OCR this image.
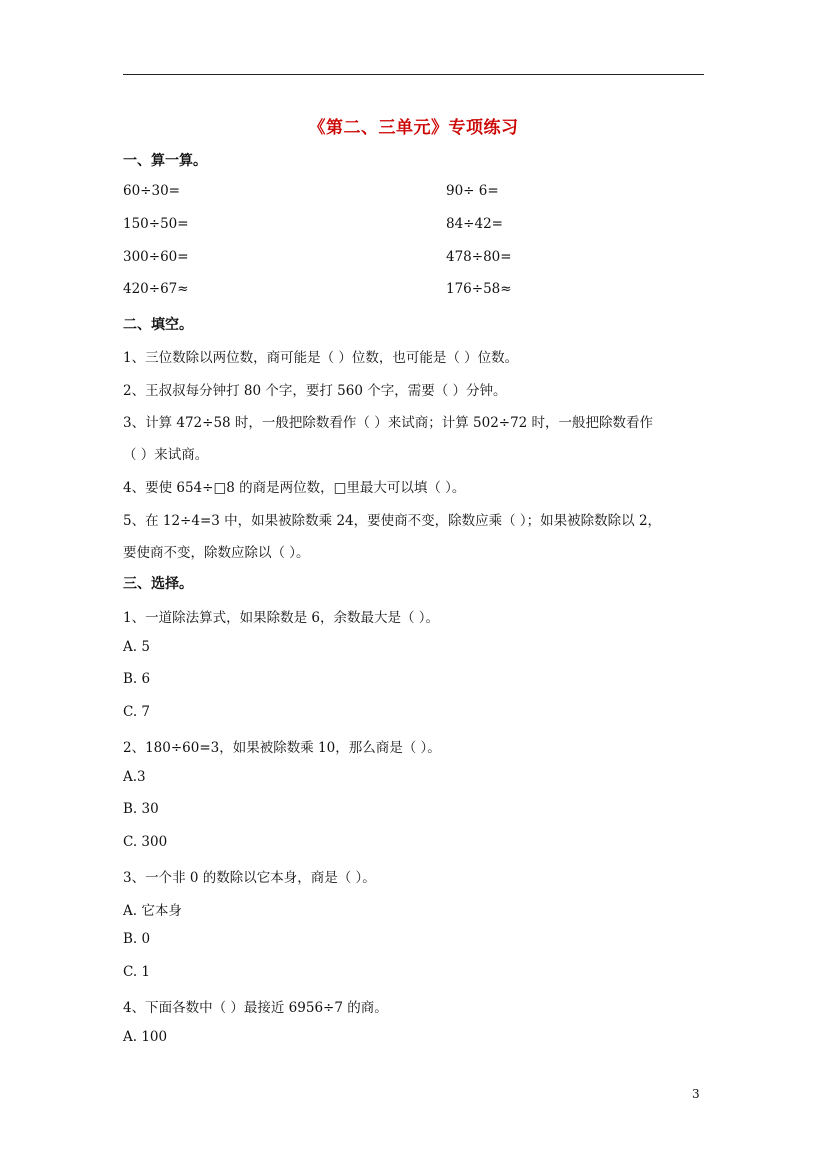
《第二、三单元》专项练习
一、算一算。
60÷30=	90÷ 6=
150÷50=	84÷42=
300÷60=	478÷80=
420÷67≈	176÷58≈
二、填空。
1、三位数除以两位数，商可能是（ ）位数，也可能是（ ）位数。
2、王叔叔每分钟打 80 个字，要打 560 个字，需要（ ）分钟。
3、计算 472÷58 时，一般把除数看作（ ）来试商；计算 502÷72 时，一般把除数看作
（ ）来试商。
4、要使 654÷□8 的商是两位数，□里最大可以填（ ）。
5、在 12÷4=3 中，如果被除数乘 24，要使商不变，除数应乘（ ）；如果被除数除以 2，
要使商不变，除数应除以（ ）。
三、选择。
1、一道除法算式，如果除数是 6，余数最大是（ ）。
A. 5
B. 6
C. 7
2、180÷60=3，如果被除数乘 10，那么商是（ ）。
A.3
B. 30
C. 300
3、一个非 0 的数除以它本身，商是（ ）。
A. 它本身
B. 0
C. 1
4、下面各数中（ ）最接近 6956÷7 的商。
A. 100
3
